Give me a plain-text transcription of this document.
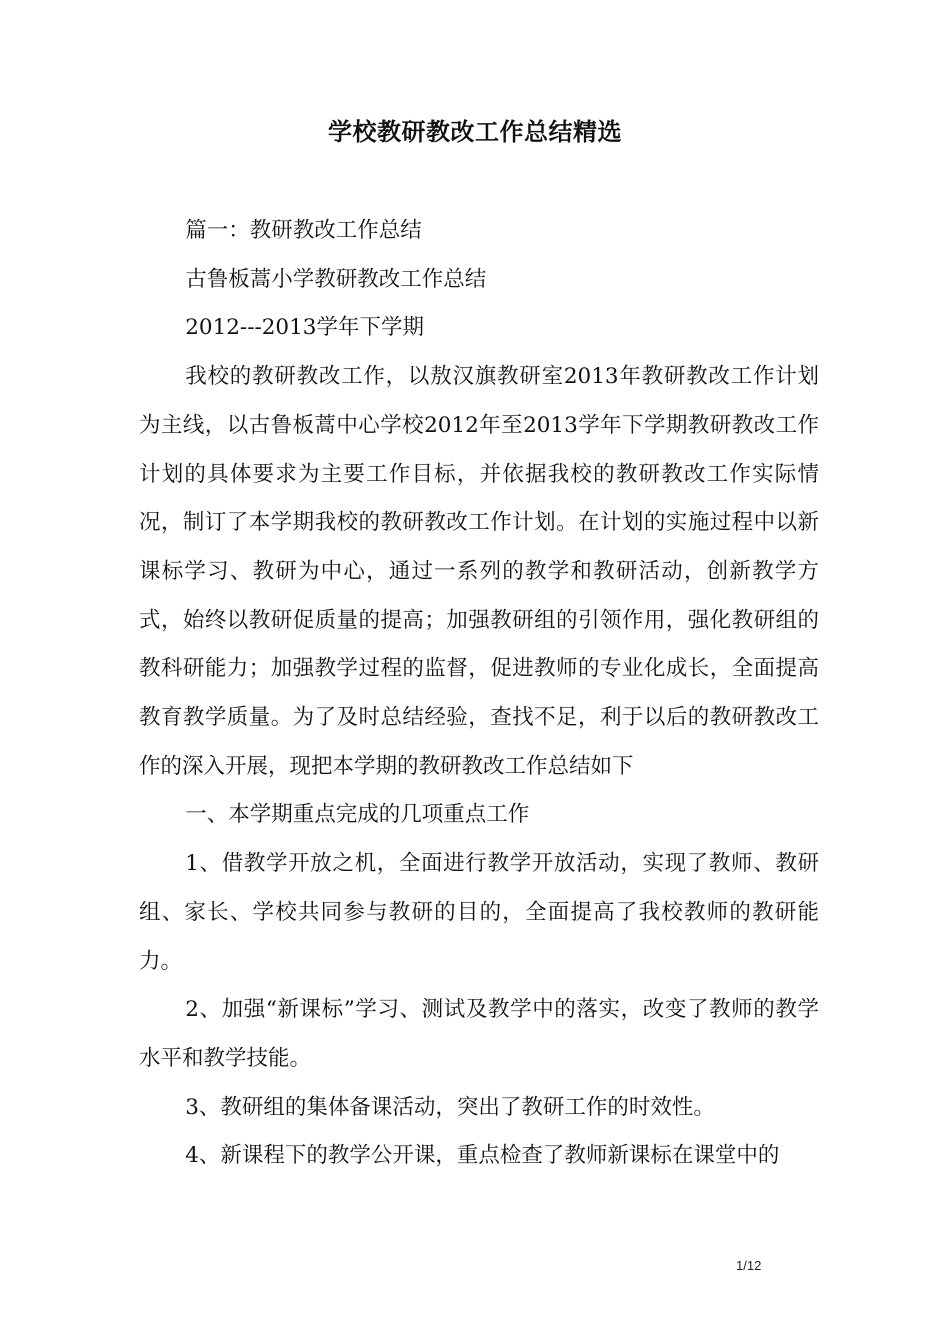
学校教研教改工作总结精选

篇一：教研教改工作总结

古鲁板蒿小学教研教改工作总结

2012---2013学年下学期

我校的教研教改工作，以敖汉旗教研室2013年教研教改工作计划为主线，以古鲁板蒿中心学校2012年至2013学年下学期教研教改工作计划的具体要求为主要工作目标，并依据我校的教研教改工作实际情况，制订了本学期我校的教研教改工作计划。在计划的实施过程中以新课标学习、教研为中心，通过一系列的教学和教研活动，创新教学方式，始终以教研促质量的提高；加强教研组的引领作用，强化教研组的教科研能力；加强教学过程的监督，促进教师的专业化成长，全面提高教育教学质量。为了及时总结经验，查找不足，利于以后的教研教改工作的深入开展，现把本学期的教研教改工作总结如下

一、本学期重点完成的几项重点工作

1、借教学开放之机，全面进行教学开放活动，实现了教师、教研组、家长、学校共同参与教研的目的，全面提高了我校教师的教研能力。

2、加强“新课标”学习、测试及教学中的落实，改变了教师的教学水平和教学技能。

3、教研组的集体备课活动，突出了教研工作的时效性。

4、新课程下的教学公开课，重点检查了教师新课标在课堂中的

1/12
